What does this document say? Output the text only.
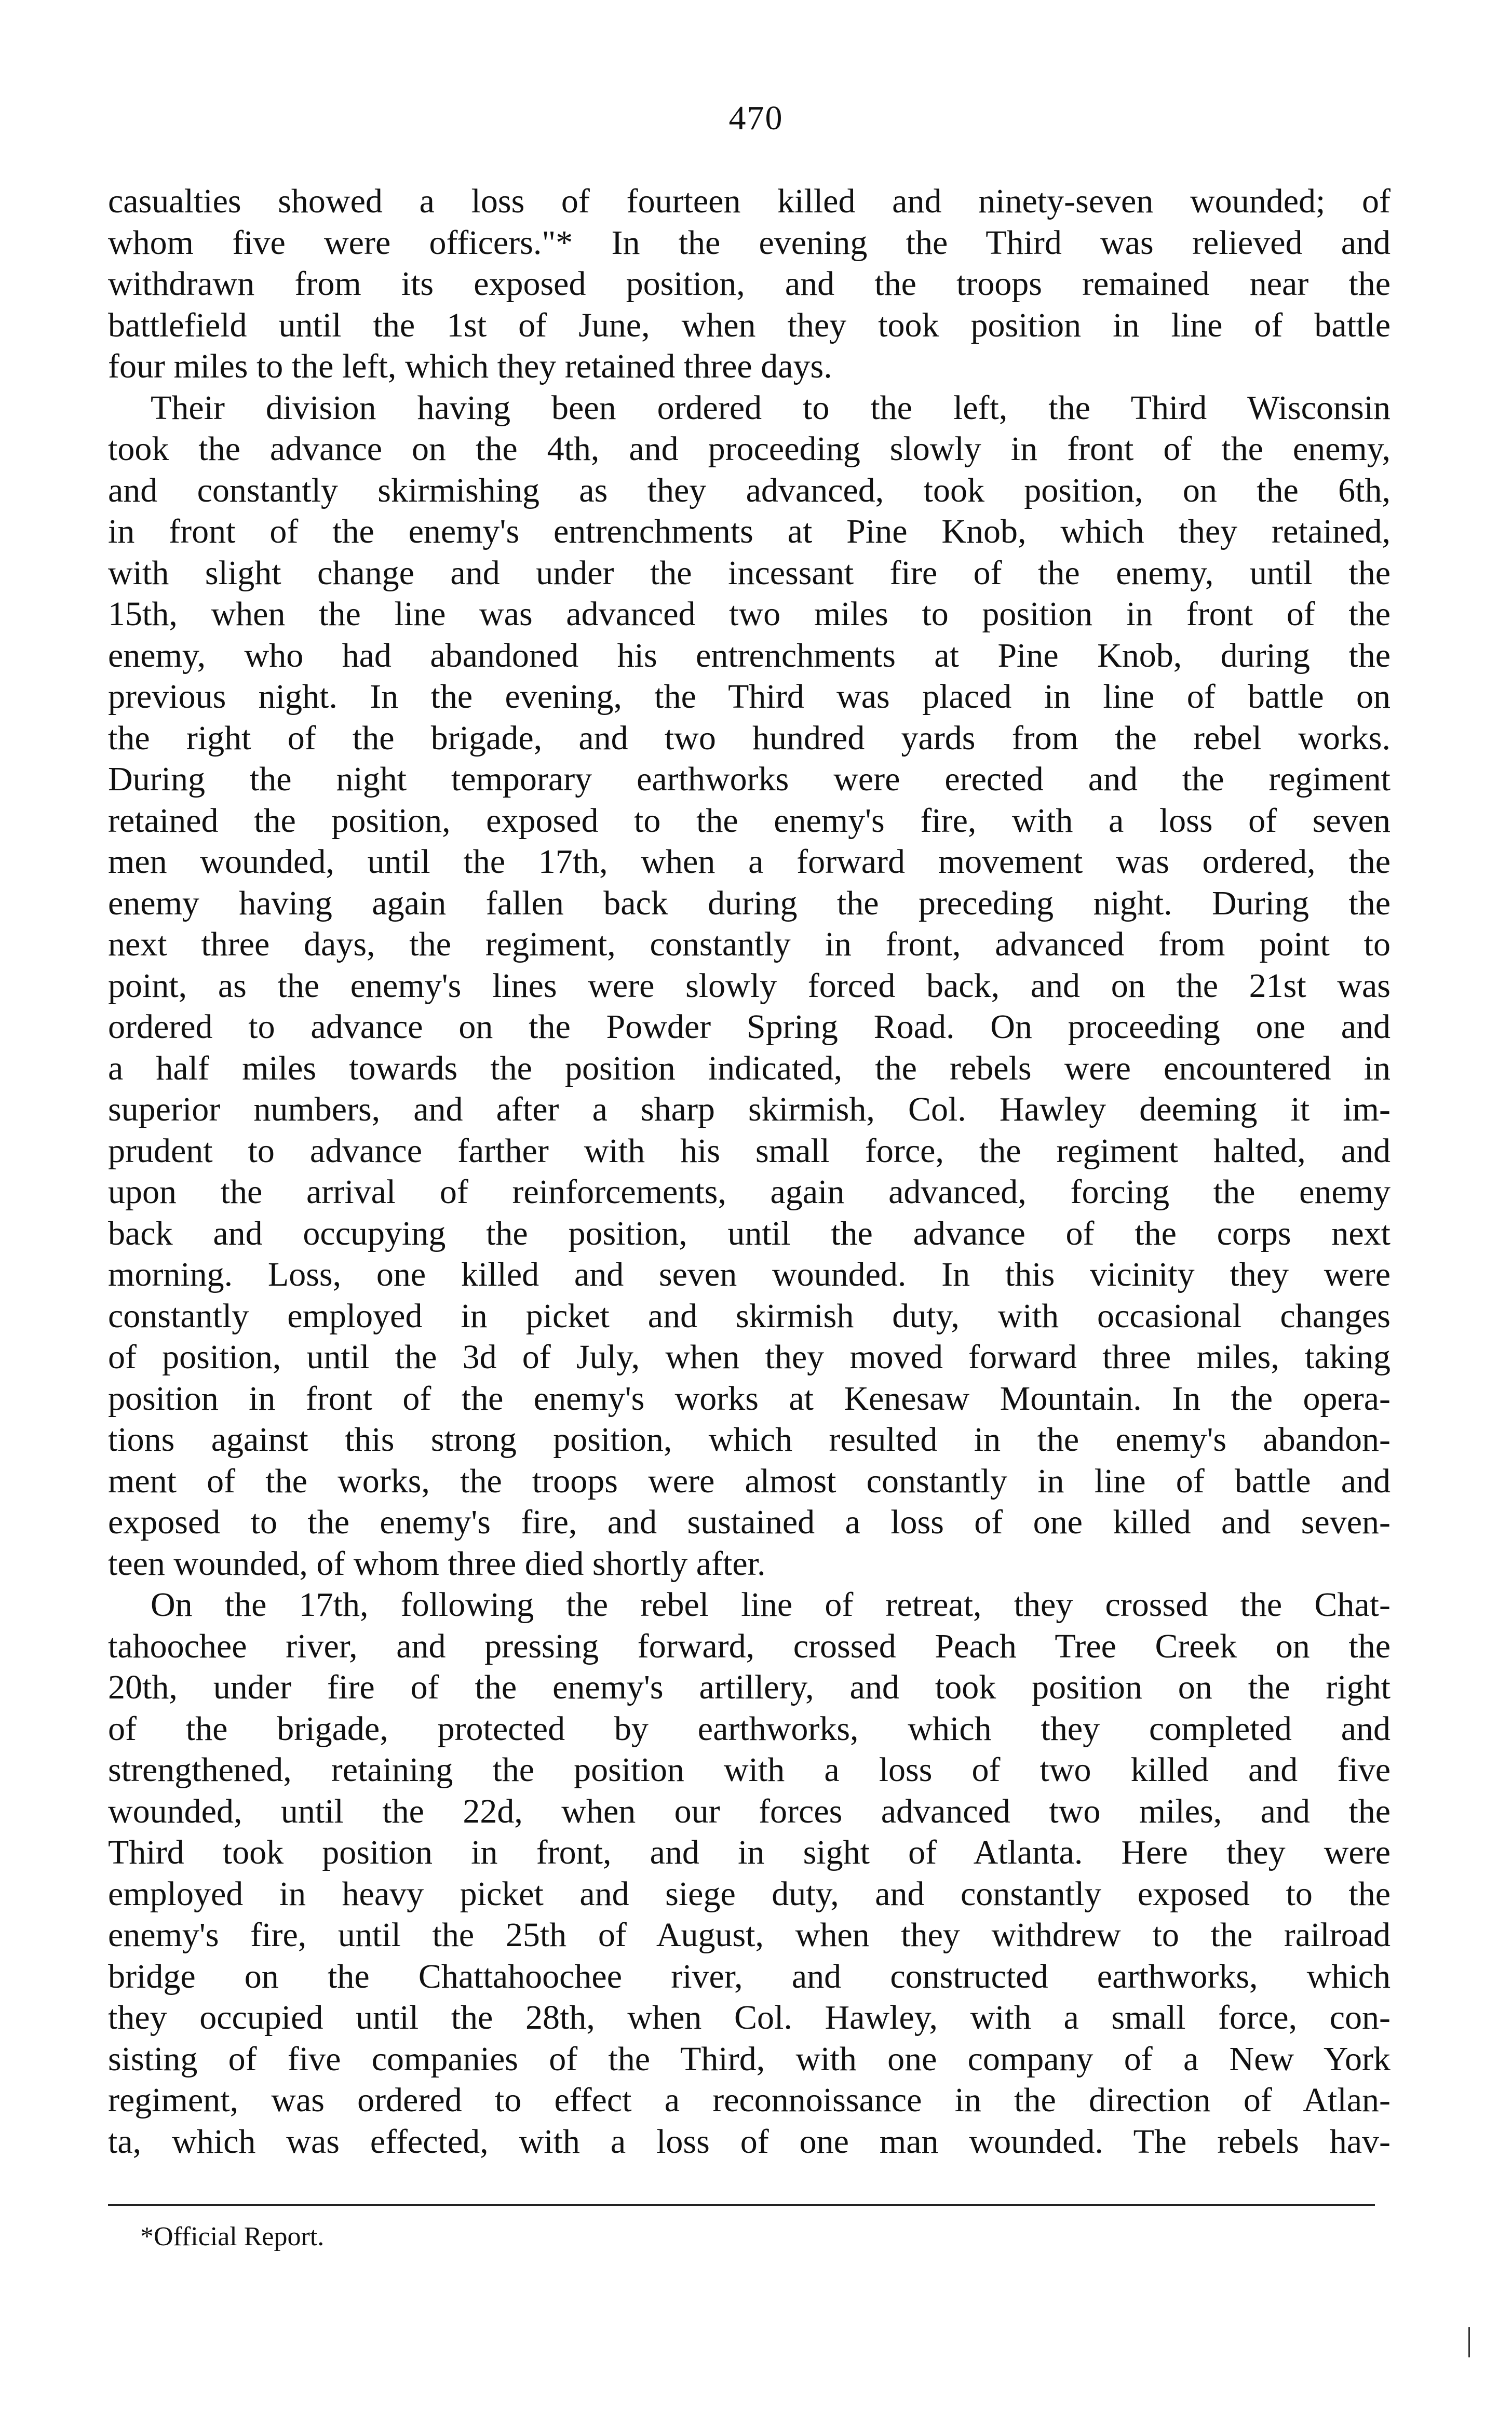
470
casualties showed a loss of fourteen killed and ninety-seven wounded; of
whom five were officers."* In the evening the Third was relieved and
withdrawn from its exposed position, and the troops remained near the
battlefield until the 1st of June, when they took position in line of battle
four miles to the left, which they retained three days.
Their division having been ordered to the left, the Third Wisconsin
took the advance on the 4th, and proceeding slowly in front of the enemy,
and constantly skirmishing as they advanced, took position, on the 6th,
in front of the enemy's entrenchments at Pine Knob, which they retained,
with slight change and under the incessant fire of the enemy, until the
15th, when the line was advanced two miles to position in front of the
enemy, who had abandoned his entrenchments at Pine Knob, during the
previous night. In the evening, the Third was placed in line of battle on
the right of the brigade, and two hundred yards from the rebel works.
During the night temporary earthworks were erected and the regiment
retained the position, exposed to the enemy's fire, with a loss of seven
men wounded, until the 17th, when a forward movement was ordered, the
enemy having again fallen back during the preceding night. During the
next three days, the regiment, constantly in front, advanced from point to
point, as the enemy's lines were slowly forced back, and on the 21st was
ordered to advance on the Powder Spring Road. On proceeding one and
a half miles towards the position indicated, the rebels were encountered in
superior numbers, and after a sharp skirmish, Col. Hawley deeming it im-
prudent to advance farther with his small force, the regiment halted, and
upon the arrival of reinforcements, again advanced, forcing the enemy
back and occupying the position, until the advance of the corps next
morning. Loss, one killed and seven wounded. In this vicinity they were
constantly employed in picket and skirmish duty, with occasional changes
of position, until the 3d of July, when they moved forward three miles, taking
position in front of the enemy's works at Kenesaw Mountain. In the opera-
tions against this strong position, which resulted in the enemy's abandon-
ment of the works, the troops were almost constantly in line of battle and
exposed to the enemy's fire, and sustained a loss of one killed and seven-
teen wounded, of whom three died shortly after.
On the 17th, following the rebel line of retreat, they crossed the Chat-
tahoochee river, and pressing forward, crossed Peach Tree Creek on the
20th, under fire of the enemy's artillery, and took position on the right
of the brigade, protected by earthworks, which they completed and
strengthened, retaining the position with a loss of two killed and five
wounded, until the 22d, when our forces advanced two miles, and the
Third took position in front, and in sight of Atlanta. Here they were
employed in heavy picket and siege duty, and constantly exposed to the
enemy's fire, until the 25th of August, when they withdrew to the railroad
bridge on the Chattahoochee river, and constructed earthworks, which
they occupied until the 28th, when Col. Hawley, with a small force, con-
sisting of five companies of the Third, with one company of a New York
regiment, was ordered to effect a reconnoissance in the direction of Atlan-
ta, which was effected, with a loss of one man wounded. The rebels hav-
*Official Report.
